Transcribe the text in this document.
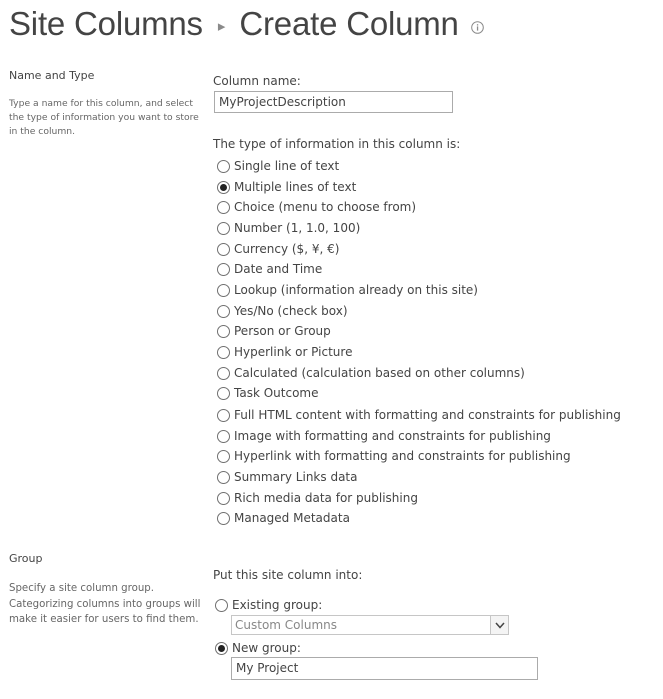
Site Columns ▸ Create Column
Name and Type
Type a name for this column, and select the type of information you want to store in the column.
Column name:
MyProjectDescription
The type of information in this column is:
Single line of text
Multiple lines of text
Choice (menu to choose from)
Number (1, 1.0, 100)
Currency ($, ¥, €)
Date and Time
Lookup (information already on this site)
Yes/No (check box)
Person or Group
Hyperlink or Picture
Calculated (calculation based on other columns)
Task Outcome
Full HTML content with formatting and constraints for publishing
Image with formatting and constraints for publishing
Hyperlink with formatting and constraints for publishing
Summary Links data
Rich media data for publishing
Managed Metadata
Group
Specify a site column group. Categorizing columns into groups will make it easier for users to find them.
Put this site column into:
Existing group:
Custom Columns
New group:
My Project
